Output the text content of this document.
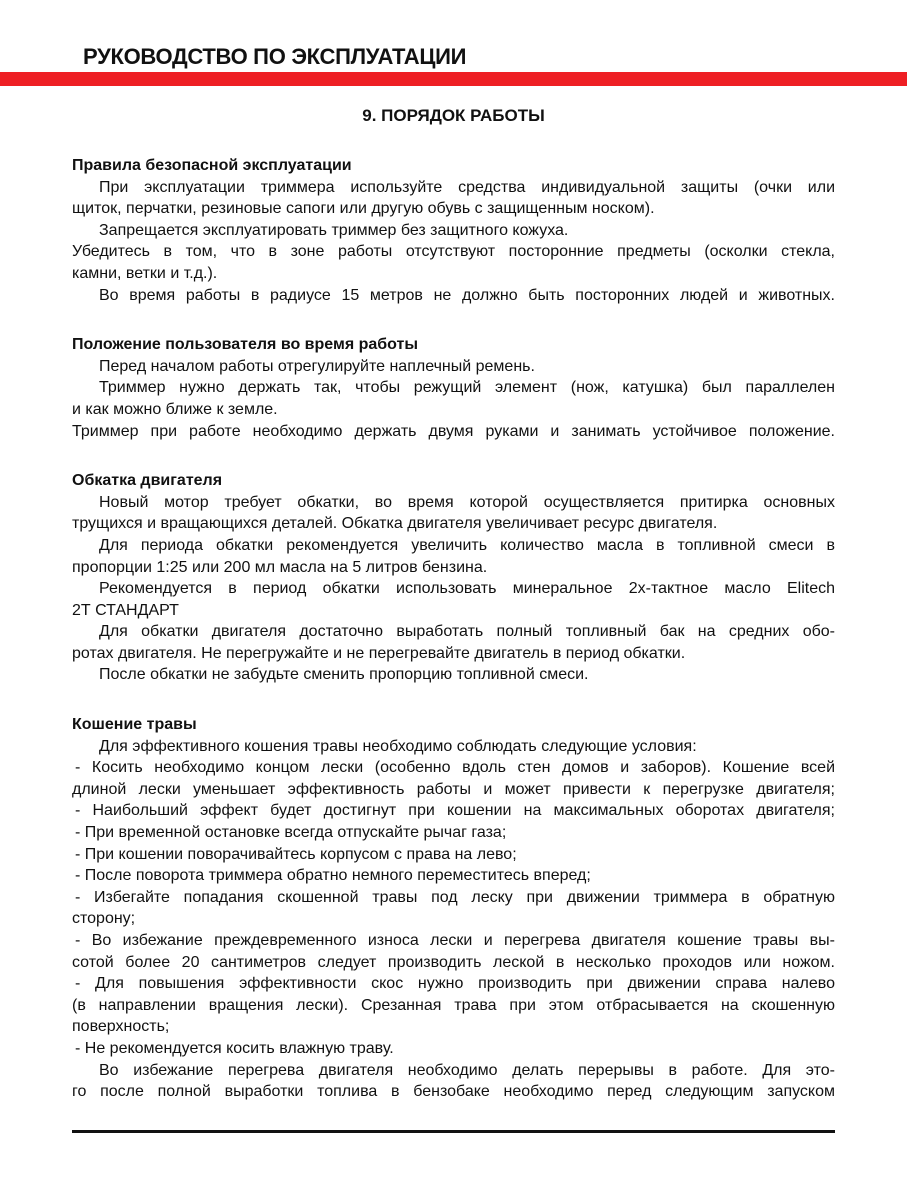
РУКОВОДСТВО ПО ЭКСПЛУАТАЦИИ
9. ПОРЯДОК РАБОТЫ
Правила безопасной эксплуатации
При эксплуатации триммера используйте средства индивидуальной защиты (очки или
щиток, перчатки, резиновые сапоги или другую обувь с защищенным носком).
Запрещается эксплуатировать триммер без защитного кожуха.
Убедитесь в том, что в зоне работы отсутствуют посторонние предметы (осколки стекла,
камни, ветки и т.д.).
Во время работы в радиусе 15 метров не должно быть посторонних людей и животных.
Положение пользователя во время работы
Перед началом работы отрегулируйте наплечный ремень.
Триммер нужно держать так, чтобы режущий элемент (нож, катушка) был параллелен
и как можно ближе к земле.
Триммер при работе необходимо держать двумя руками и занимать устойчивое положение.
Обкатка двигателя
Новый мотор требует обкатки, во время которой осуществляется притирка основных
трущихся и вращающихся деталей. Обкатка двигателя увеличивает ресурс двигателя.
Для периода обкатки рекомендуется увеличить количество масла в топливной смеси в
пропорции 1:25 или 200 мл масла на 5 литров бензина.
Рекомендуется в период обкатки использовать минеральное 2х-тактное масло Elitech
2Т СТАНДАРТ
Для обкатки двигателя достаточно выработать полный топливный бак на средних обо-
ротах двигателя. Не перегружайте и не перегревайте двигатель в период обкатки.
После обкатки не забудьте сменить пропорцию топливной смеси.
Кошение травы
Для эффективного кошения травы необходимо соблюдать следующие условия:
- Косить необходимо концом лески (особенно вдоль стен домов и заборов). Кошение всей
длиной лески уменьшает эффективность работы и может привести к перегрузке двигателя;
- Наибольший эффект будет достигнут при кошении на максимальных оборотах двигателя;
- При временной остановке всегда отпускайте рычаг газа;
- При кошении поворачивайтесь корпусом с права на лево;
- После поворота триммера обратно немного переместитесь вперед;
- Избегайте попадания скошенной травы под леску при движении триммера в обратную
сторону;
- Во избежание преждевременного износа лески и перегрева двигателя кошение травы вы-
сотой более 20 сантиметров следует производить леской в несколько проходов или ножом.
- Для повышения эффективности скос нужно производить при движении справа налево
(в направлении вращения лески). Срезанная трава при этом отбрасывается на скошенную
поверхность;
- Не рекомендуется косить влажную траву.
Во избежание перегрева двигателя необходимо делать перерывы в работе. Для это-
го после полной выработки топлива в бензобаке необходимо перед следующим запуском
